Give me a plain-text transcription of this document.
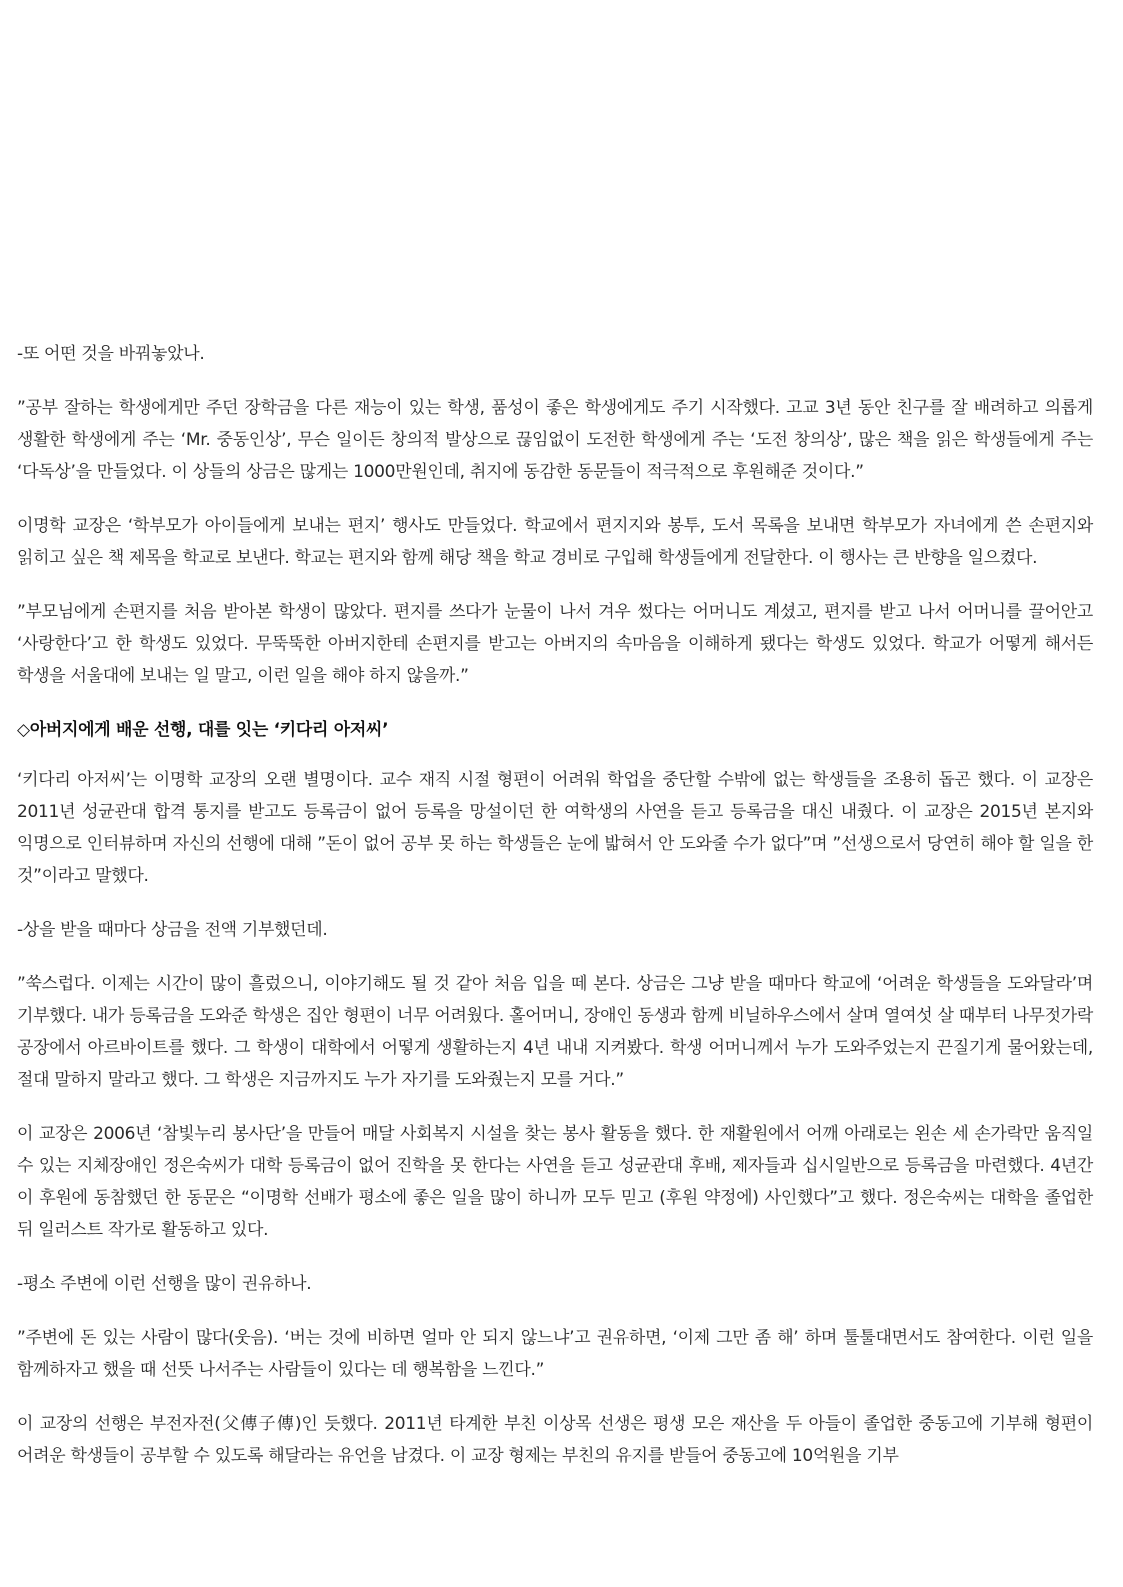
-또 어떤 것을 바꿔놓았나.

”공부 잘하는 학생에게만 주던 장학금을 다른 재능이 있는 학생, 품성이 좋은 학생에게도 주기 시작했다. 고교 3년 동안 친구를 잘 배려하고 의롭게 생활한 학생에게 주는 ‘Mr. 중동인상’, 무슨 일이든 창의적 발상으로 끊임없이 도전한 학생에게 주는 ‘도전 창의상’, 많은 책을 읽은 학생들에게 주는 ‘다독상’을 만들었다. 이 상들의 상금은 많게는 1000만원인데, 취지에 동감한 동문들이 적극적으로 후원해준 것이다.”

이명학 교장은 ‘학부모가 아이들에게 보내는 편지’ 행사도 만들었다. 학교에서 편지지와 봉투, 도서 목록을 보내면 학부모가 자녀에게 쓴 손편지와 읽히고 싶은 책 제목을 학교로 보낸다. 학교는 편지와 함께 해당 책을 학교 경비로 구입해 학생들에게 전달한다. 이 행사는 큰 반향을 일으켰다.

”부모님에게 손편지를 처음 받아본 학생이 많았다. 편지를 쓰다가 눈물이 나서 겨우 썼다는 어머니도 계셨고, 편지를 받고 나서 어머니를 끌어안고 ‘사랑한다’고 한 학생도 있었다. 무뚝뚝한 아버지한테 손편지를 받고는 아버지의 속마음을 이해하게 됐다는 학생도 있었다. 학교가 어떻게 해서든 학생을 서울대에 보내는 일 말고, 이런 일을 해야 하지 않을까.”

◇아버지에게 배운 선행, 대를 잇는 ‘키다리 아저씨’

‘키다리 아저씨’는 이명학 교장의 오랜 별명이다. 교수 재직 시절 형편이 어려워 학업을 중단할 수밖에 없는 학생들을 조용히 돕곤 했다. 이 교장은 2011년 성균관대 합격 통지를 받고도 등록금이 없어 등록을 망설이던 한 여학생의 사연을 듣고 등록금을 대신 내줬다. 이 교장은 2015년 본지와 익명으로 인터뷰하며 자신의 선행에 대해 ”돈이 없어 공부 못 하는 학생들은 눈에 밟혀서 안 도와줄 수가 없다”며 ”선생으로서 당연히 해야 할 일을 한 것”이라고 말했다.

-상을 받을 때마다 상금을 전액 기부했던데.

”쑥스럽다. 이제는 시간이 많이 흘렀으니, 이야기해도 될 것 같아 처음 입을 떼 본다. 상금은 그냥 받을 때마다 학교에 ‘어려운 학생들을 도와달라’며 기부했다. 내가 등록금을 도와준 학생은 집안 형편이 너무 어려웠다. 홀어머니, 장애인 동생과 함께 비닐하우스에서 살며 열여섯 살 때부터 나무젓가락 공장에서 아르바이트를 했다. 그 학생이 대학에서 어떻게 생활하는지 4년 내내 지켜봤다. 학생 어머니께서 누가 도와주었는지 끈질기게 물어왔는데, 절대 말하지 말라고 했다. 그 학생은 지금까지도 누가 자기를 도와줬는지 모를 거다.”

이 교장은 2006년 ‘참빛누리 봉사단’을 만들어 매달 사회복지 시설을 찾는 봉사 활동을 했다. 한 재활원에서 어깨 아래로는 왼손 세 손가락만 움직일 수 있는 지체장애인 정은숙씨가 대학 등록금이 없어 진학을 못 한다는 사연을 듣고 성균관대 후배, 제자들과 십시일반으로 등록금을 마련했다. 4년간 이 후원에 동참했던 한 동문은 “이명학 선배가 평소에 좋은 일을 많이 하니까 모두 믿고 (후원 약정에) 사인했다”고 했다. 정은숙씨는 대학을 졸업한 뒤 일러스트 작가로 활동하고 있다.

-평소 주변에 이런 선행을 많이 권유하나.

”주변에 돈 있는 사람이 많다(웃음). ‘버는 것에 비하면 얼마 안 되지 않느냐’고 권유하면, ‘이제 그만 좀 해’ 하며 툴툴대면서도 참여한다. 이런 일을 함께하자고 했을 때 선뜻 나서주는 사람들이 있다는 데 행복함을 느낀다.”

이 교장의 선행은 부전자전(父傳子傳)인 듯했다. 2011년 타계한 부친 이상목 선생은 평생 모은 재산을 두 아들이 졸업한 중동고에 기부해 형편이 어려운 학생들이 공부할 수 있도록 해달라는 유언을 남겼다. 이 교장 형제는 부친의 유지를 받들어 중동고에 10억원을 기부
